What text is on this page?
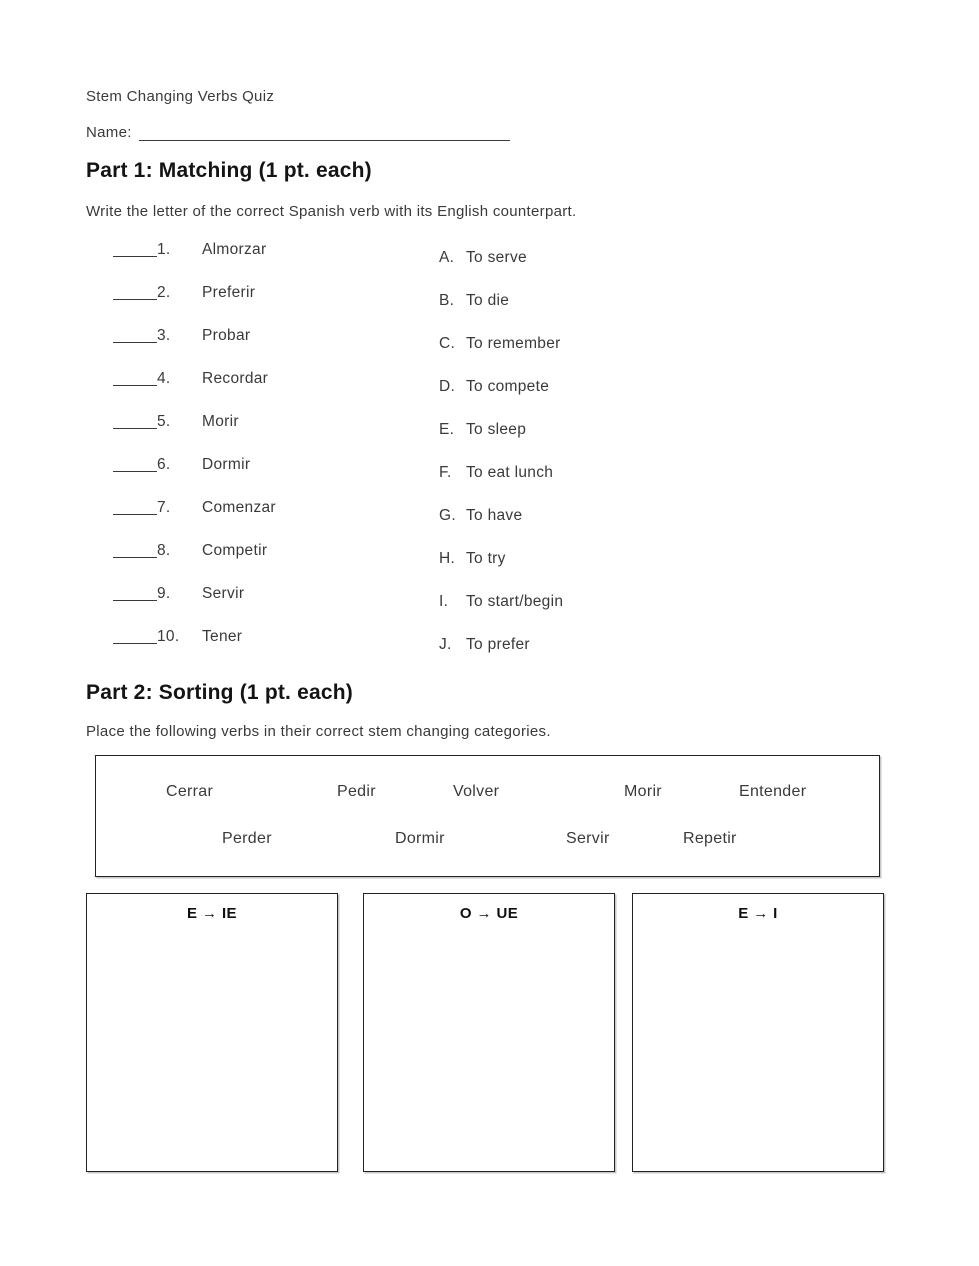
Stem Changing Verbs Quiz
Name:
Part 1: Matching (1 pt. each)
Write the letter of the correct Spanish verb with its English counterpart.
1.	Almorzar
2.	Preferir
3.	Probar
4.	Recordar
5.	Morir
6.	Dormir
7.	Comenzar
8.	Competir
9.	Servir
10.	Tener
A. To serve
B. To die
C. To remember
D. To compete
E. To sleep
F. To eat lunch
G. To have
H. To try
I.	To start/begin
J. To prefer
Part 2: Sorting (1 pt. each)
Place the following verbs in their correct stem changing categories.
Cerrar	Pedir	Volver	Morir	Entender
Perder	Dormir	Servir	Repetir
E → IE	O → UE	E → I
